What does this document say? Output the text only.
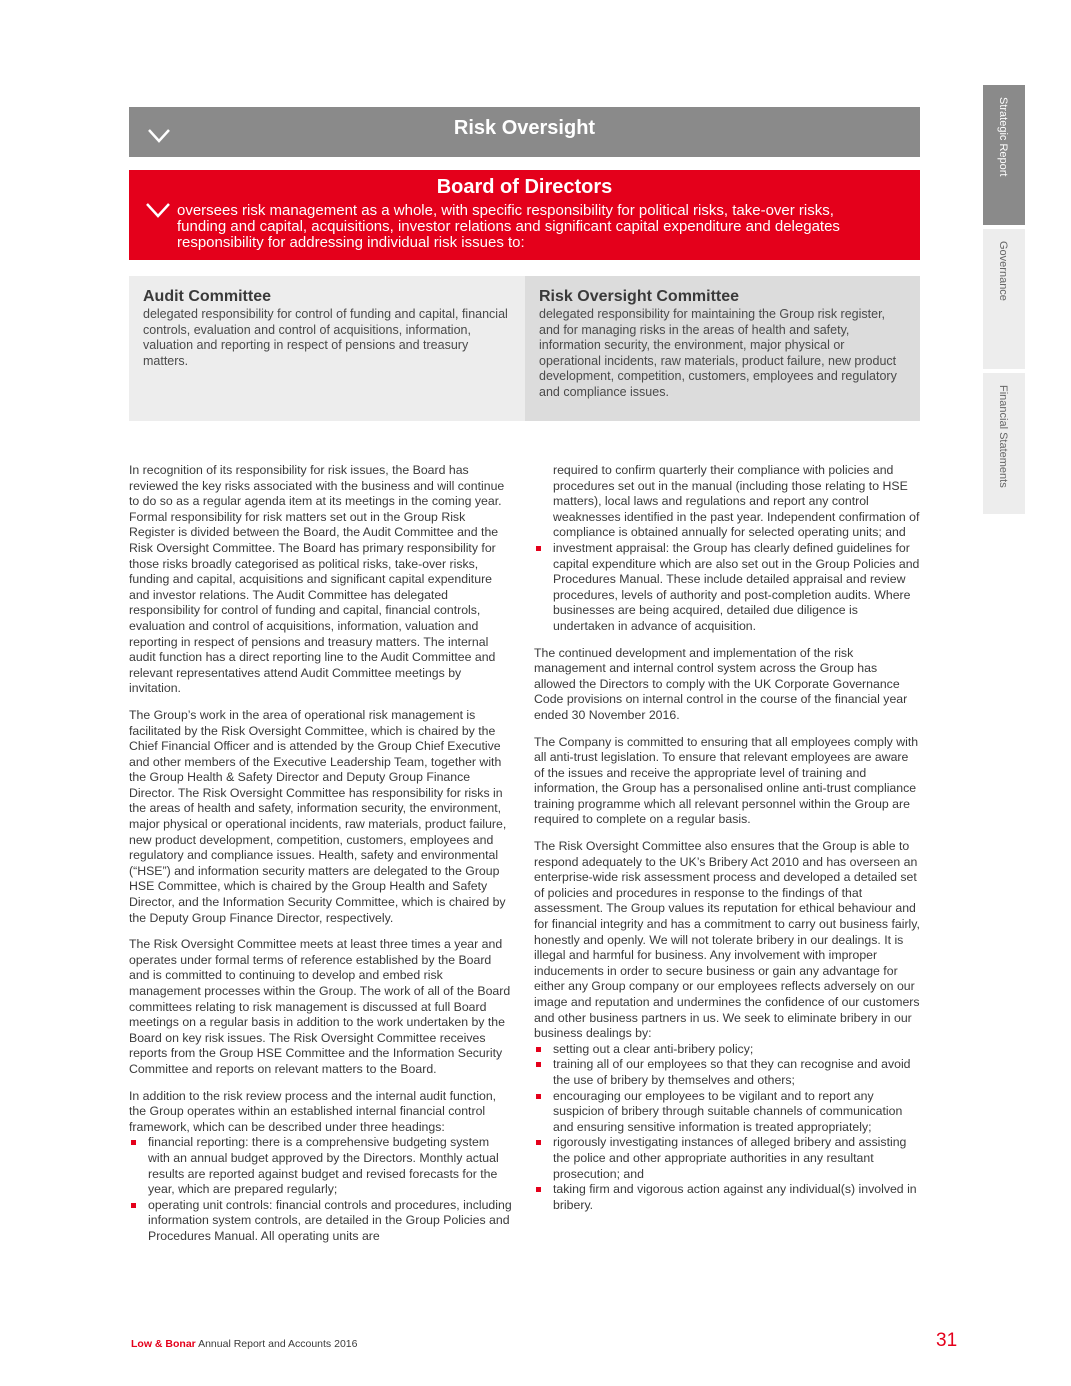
Risk Oversight
Board of Directors
oversees risk management as a whole, with specific responsibility for political risks, take-over risks, funding and capital, acquisitions, investor relations and significant capital expenditure and delegates responsibility for addressing individual risk issues to:
Audit Committee

delegated responsibility for control of funding and capital, financial controls, evaluation and control of acquisitions, information, valuation and reporting in respect of pensions and treasury matters.

Risk Oversight Committee

delegated responsibility for maintaining the Group risk register, and for managing risks in the areas of health and safety, information security, the environment, major physical or operational incidents, raw materials, product failure, new product development, competition, customers, employees and regulatory and compliance issues.

In recognition of its responsibility for risk issues, the Board has reviewed the key risks associated with the business and will continue to do so as a regular agenda item at its meetings in the coming year. Formal responsibility for risk matters set out in the Group Risk Register is divided between the Board, the Audit Committee and the Risk Oversight Committee. The Board has primary responsibility for those risks broadly categorised as political risks, take-over risks, funding and capital, acquisitions and significant capital expenditure and investor relations. The Audit Committee has delegated responsibility for control of funding and capital, financial controls, evaluation and control of acquisitions, information, valuation and reporting in respect of pensions and treasury matters. The internal audit function has a direct reporting line to the Audit Committee and relevant representatives attend Audit Committee meetings by invitation.

The Group’s work in the area of operational risk management is facilitated by the Risk Oversight Committee, which is chaired by the Chief Financial Officer and is attended by the Group Chief Executive and other members of the Executive Leadership Team, together with the Group Health & Safety Director and Deputy Group Finance Director. The Risk Oversight Committee has responsibility for risks in the areas of health and safety, information security, the environment, major physical or operational incidents, raw materials, product failure, new product development, competition, customers, employees and regulatory and compliance issues. Health, safety and environmental (“HSE”) and information security matters are delegated to the Group HSE Committee, which is chaired by the Group Health and Safety Director, and the Information Security Committee, which is chaired by the Deputy Group Finance Director, respectively.

The Risk Oversight Committee meets at least three times a year and operates under formal terms of reference established by the Board and is committed to continuing to develop and embed risk management processes within the Group. The work of all of the Board committees relating to risk management is discussed at full Board meetings on a regular basis in addition to the work undertaken by the Board on key risk issues. The Risk Oversight Committee receives reports from the Group HSE Committee and the Information Security Committee and reports on relevant matters to the Board.

In addition to the risk review process and the internal audit function, the Group operates within an established internal financial control framework, which can be described under three headings:

financial reporting: there is a comprehensive budgeting system with an annual budget approved by the Directors. Monthly actual results are reported against budget and revised forecasts for the year, which are prepared regularly;
operating unit controls: financial controls and procedures, including information system controls, are detailed in the Group Policies and Procedures Manual. All operating units are
required to confirm quarterly their compliance with policies and procedures set out in the manual (including those relating to HSE matters), local laws and regulations and report any control weaknesses identified in the past year. Independent confirmation of compliance is obtained annually for selected operating units; and
investment appraisal: the Group has clearly defined guidelines for capital expenditure which are also set out in the Group Policies and Procedures Manual. These include detailed appraisal and review procedures, levels of authority and post-completion audits. Where businesses are being acquired, detailed due diligence is undertaken in advance of acquisition.

The continued development and implementation of the risk management and internal control system across the Group has allowed the Directors to comply with the UK Corporate Governance Code provisions on internal control in the course of the financial year ended 30 November 2016.

The Company is committed to ensuring that all employees comply with all anti-trust legislation. To ensure that relevant employees are aware of the issues and receive the appropriate level of training and information, the Group has a personalised online anti-trust compliance training programme which all relevant personnel within the Group are required to complete on a regular basis.

The Risk Oversight Committee also ensures that the Group is able to respond adequately to the UK’s Bribery Act 2010 and has overseen an enterprise-wide risk assessment process and developed a detailed set of policies and procedures in response to the findings of that assessment. The Group values its reputation for ethical behaviour and for financial integrity and has a commitment to carry out business fairly, honestly and openly. We will not tolerate bribery in our dealings. It is illegal and harmful for business. Any involvement with improper inducements in order to secure business or gain any advantage for either any Group company or our employees reflects adversely on our image and reputation and undermines the confidence of our customers and other business partners in us. We seek to eliminate bribery in our business dealings by:

setting out a clear anti-bribery policy;
training all of our employees so that they can recognise and avoid the use of bribery by themselves and others;
encouraging our employees to be vigilant and to report any suspicion of bribery through suitable channels of communication and ensuring sensitive information is treated appropriately;
rigorously investigating instances of alleged bribery and assisting the police and other appropriate authorities in any resultant prosecution; and
taking firm and vigorous action against any individual(s) involved in bribery.
Strategic Report
Governance
Financial Statements
Low & Bonar Annual Report and Accounts 2016	31
